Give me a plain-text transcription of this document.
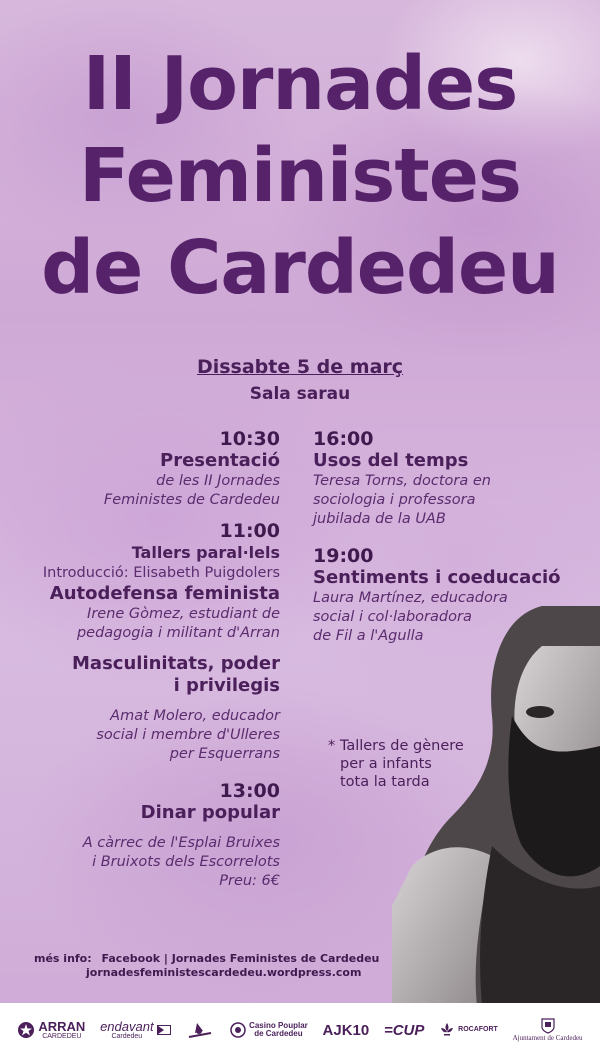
II Jornades
Feministes
de Cardedeu
Dissabte 5 de març
Sala sarau
10:30
Presentació
de les II Jornades
Feministes de Cardedeu
11:00
Tallers paral·lels
Introducció: Elisabeth Puigdolers
Autodefensa feminista
Irene Gòmez, estudiant de
pedagogia i militant d'Arran
Masculinitats, poder
i privilegis
Amat Molero, educador
social i membre d'Ulleres
per Esquerrans
13:00
Dinar popular
A càrrec de l'Esplai Bruixes
i Bruixots dels Escorrelots
Preu: 6€
16:00
Usos del temps
Teresa Torns, doctora en
sociologia i professora
jubilada de la UAB
19:00
Sentiments i coeducació
Laura Martínez, educadora
social i col·laboradora
de Fil a l'Agulla
* Tallers de gènere
per a infants
tota la tarda
més info: Facebook | Jornades Feministes de Cardedeu
jornadesfeministescardedeu.wordpress.com
ARRAN
CARDEDEU
endavant
Cardedeu
Casino Pouplar
de Cardedeu AJK10 =CUP	ROCAFORT
Ajuntament de Cardedeu
